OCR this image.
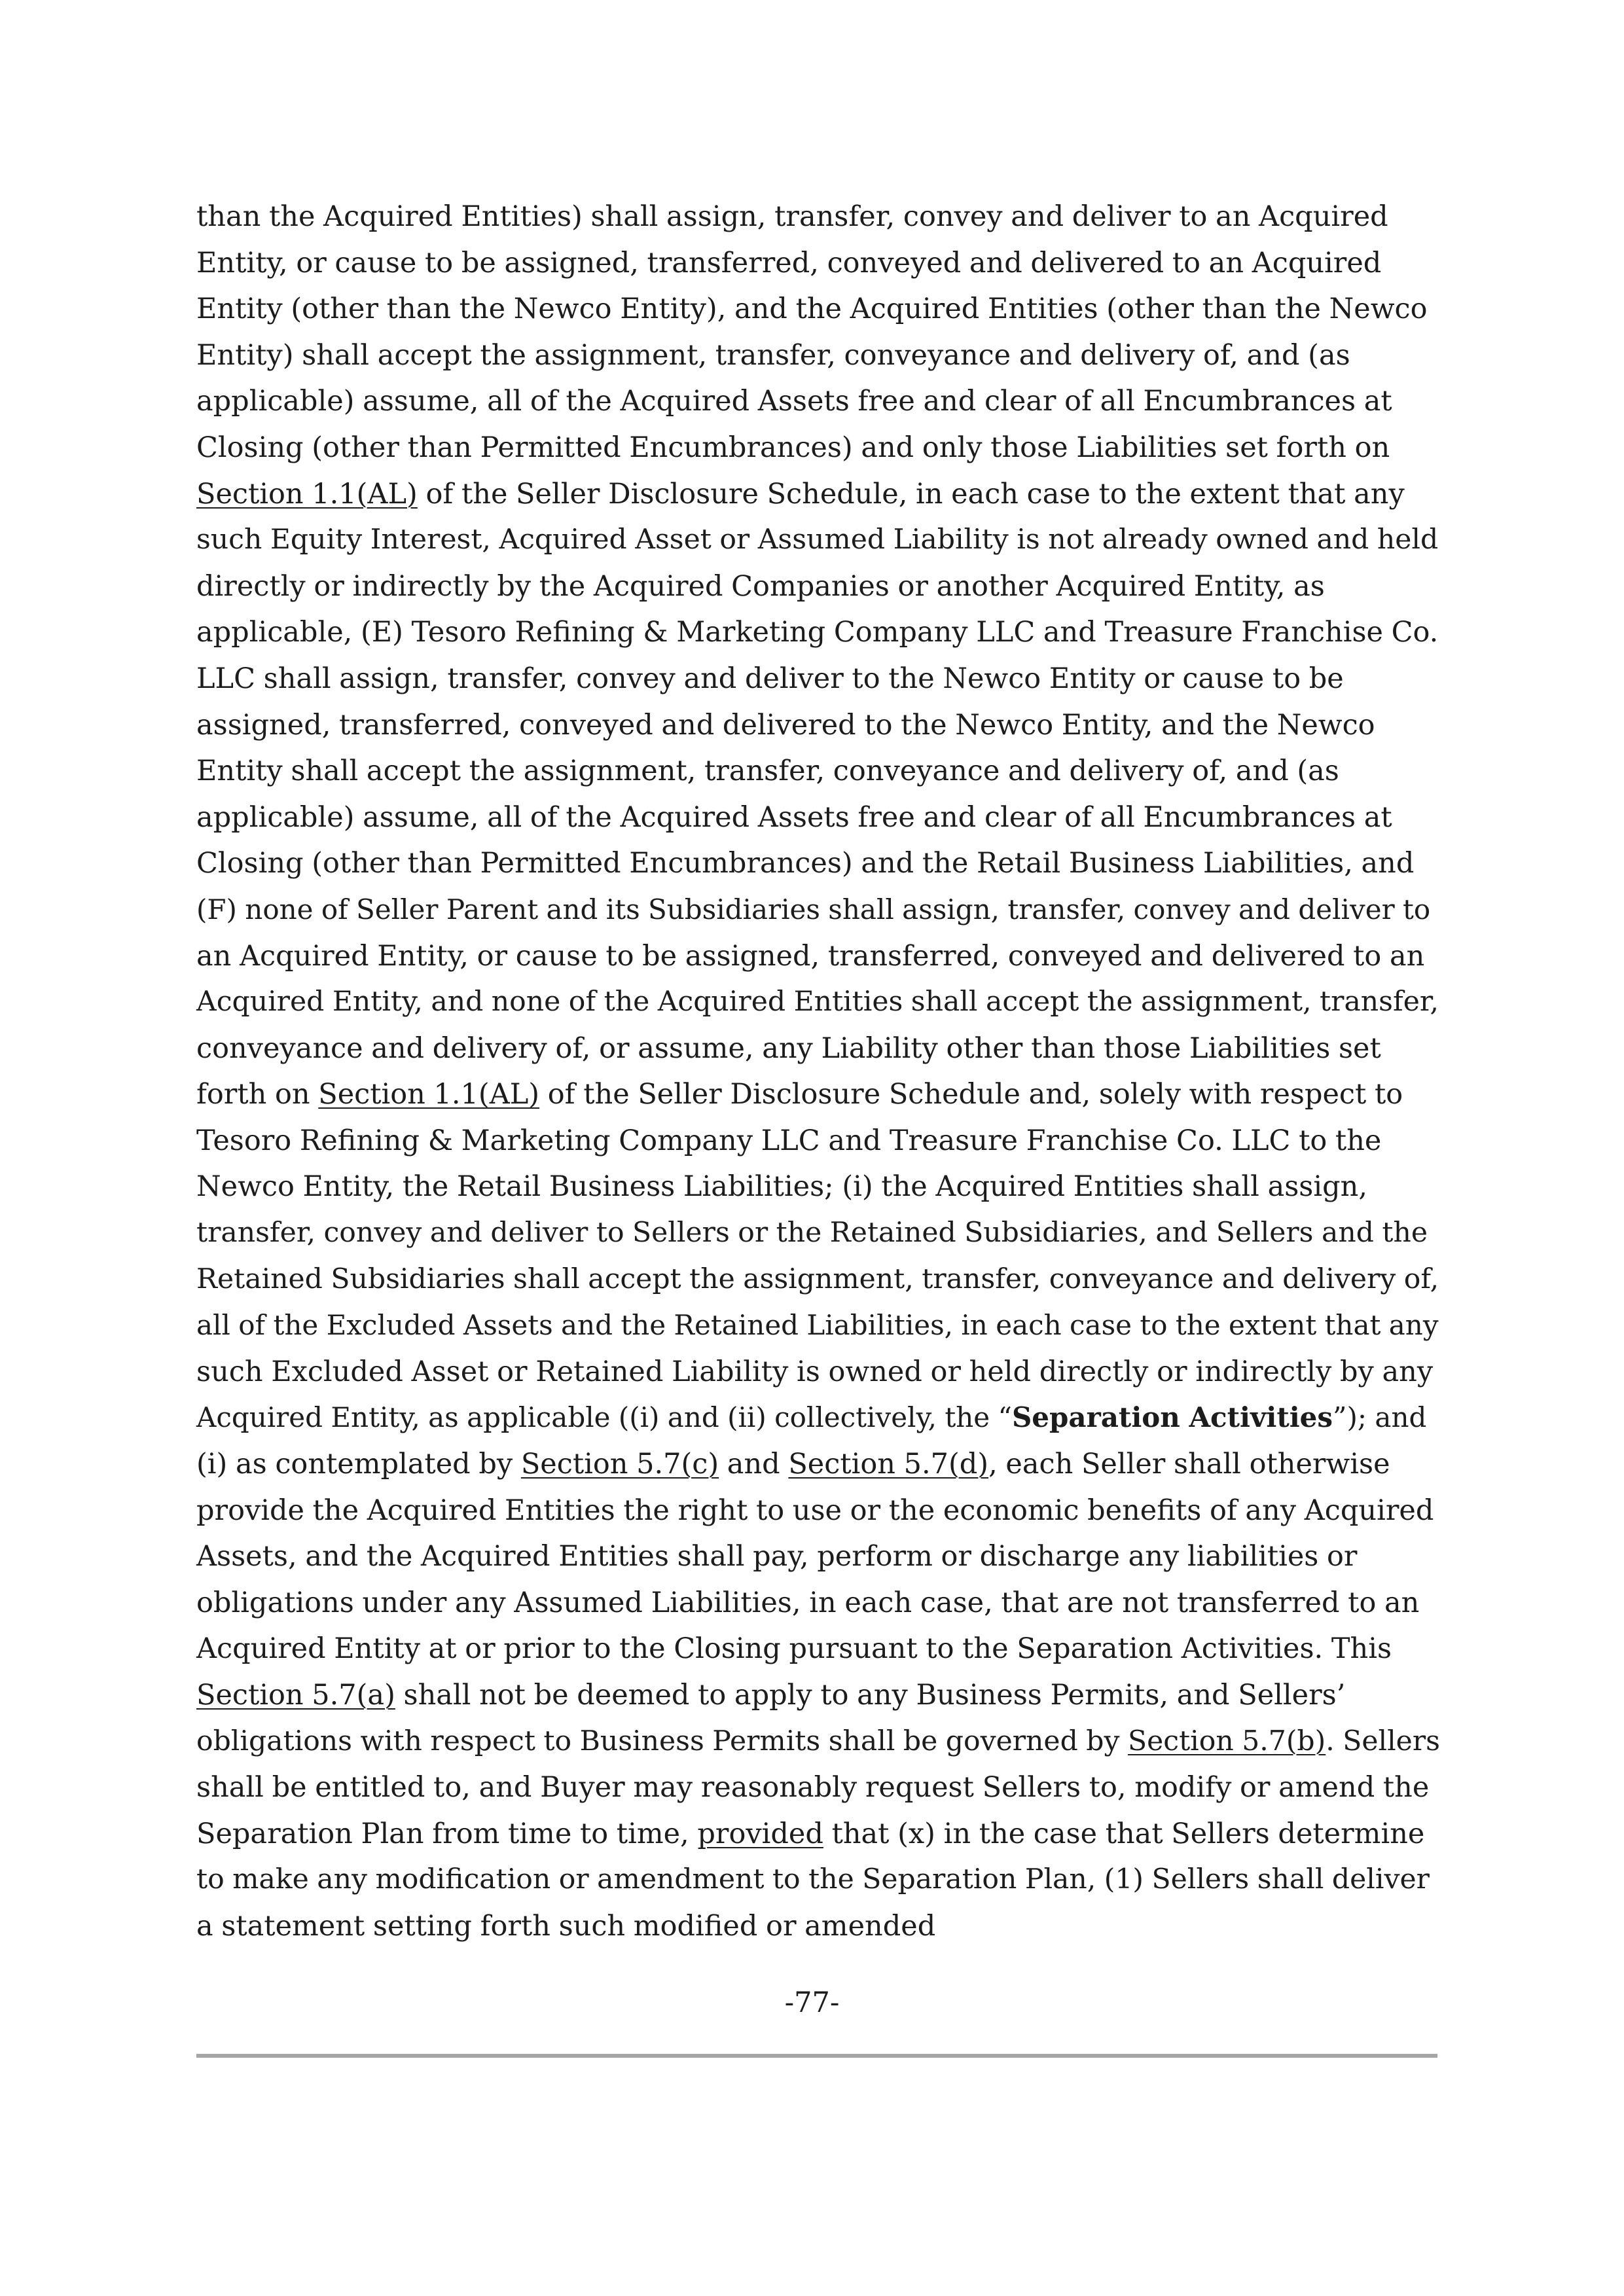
than the Acquired Entities) shall assign, transfer, convey and deliver to an Acquired
Entity, or cause to be assigned, transferred, conveyed and delivered to an Acquired
Entity (other than the Newco Entity), and the Acquired Entities (other than the Newco
Entity) shall accept the assignment, transfer, conveyance and delivery of, and (as
applicable) assume, all of the Acquired Assets free and clear of all Encumbrances at
Closing (other than Permitted Encumbrances) and only those Liabilities set forth on
Section 1.1(AL) of the Seller Disclosure Schedule, in each case to the extent that any
such Equity Interest, Acquired Asset or Assumed Liability is not already owned and held
directly or indirectly by the Acquired Companies or another Acquired Entity, as
applicable, (E) Tesoro Refining & Marketing Company LLC and Treasure Franchise Co.
LLC shall assign, transfer, convey and deliver to the Newco Entity or cause to be
assigned, transferred, conveyed and delivered to the Newco Entity, and the Newco
Entity shall accept the assignment, transfer, conveyance and delivery of, and (as
applicable) assume, all of the Acquired Assets free and clear of all Encumbrances at
Closing (other than Permitted Encumbrances) and the Retail Business Liabilities, and
(F) none of Seller Parent and its Subsidiaries shall assign, transfer, convey and deliver to
an Acquired Entity, or cause to be assigned, transferred, conveyed and delivered to an
Acquired Entity, and none of the Acquired Entities shall accept the assignment, transfer,
conveyance and delivery of, or assume, any Liability other than those Liabilities set
forth on Section 1.1(AL) of the Seller Disclosure Schedule and, solely with respect to
Tesoro Refining & Marketing Company LLC and Treasure Franchise Co. LLC to the
Newco Entity, the Retail Business Liabilities; (i) the Acquired Entities shall assign,
transfer, convey and deliver to Sellers or the Retained Subsidiaries, and Sellers and the
Retained Subsidiaries shall accept the assignment, transfer, conveyance and delivery of,
all of the Excluded Assets and the Retained Liabilities, in each case to the extent that any
such Excluded Asset or Retained Liability is owned or held directly or indirectly by any
Acquired Entity, as applicable ((i) and (ii) collectively, the “Separation Activities”); and
(i) as contemplated by Section 5.7(c) and Section 5.7(d), each Seller shall otherwise
provide the Acquired Entities the right to use or the economic benefits of any Acquired
Assets, and the Acquired Entities shall pay, perform or discharge any liabilities or
obligations under any Assumed Liabilities, in each case, that are not transferred to an
Acquired Entity at or prior to the Closing pursuant to the Separation Activities. This
Section 5.7(a) shall not be deemed to apply to any Business Permits, and Sellers’
obligations with respect to Business Permits shall be governed by Section 5.7(b). Sellers
shall be entitled to, and Buyer may reasonably request Sellers to, modify or amend the
Separation Plan from time to time, provided that (x) in the case that Sellers determine
to make any modification or amendment to the Separation Plan, (1) Sellers shall deliver
a statement setting forth such modified or amended
-77-
